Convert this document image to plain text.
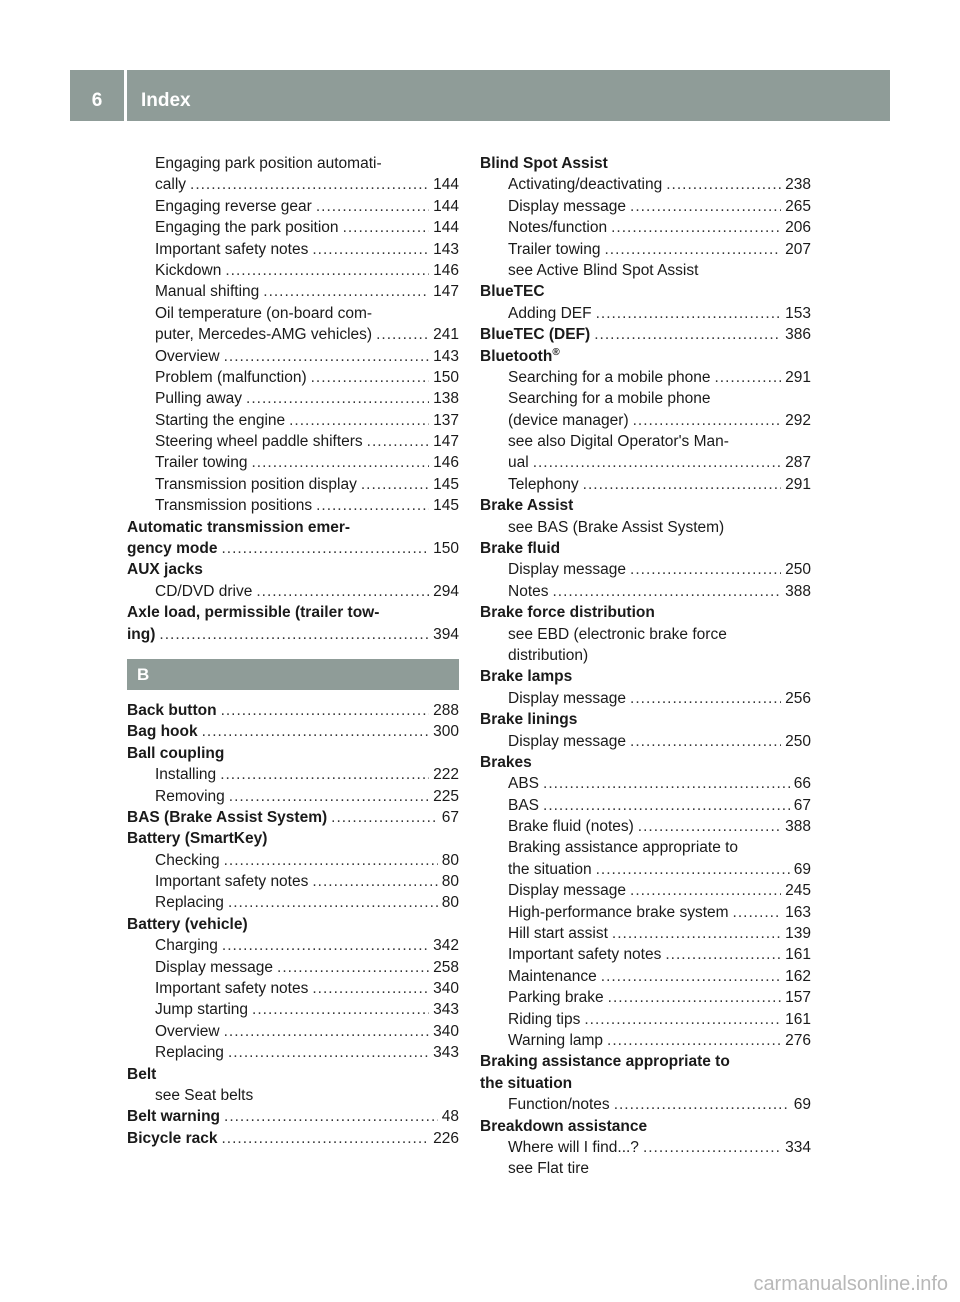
6	Index
Engaging park position automati-
cally .....	144
Engaging reverse gear .....	144
Engaging the park position .....	144
Important safety notes .....	143
Kickdown .....	146
Manual shifting .....	147
Oil temperature (on-board com-
puter, Mercedes-AMG vehicles) .....	241
Overview .....	143
Problem (malfunction) .....	150
Pulling away .....	138
Starting the engine .....	137
Steering wheel paddle shifters .....	147
Trailer towing .....	146
Transmission position display .....	145
Transmission positions .....	145
Automatic transmission emer-
gency mode .....	150
AUX jacks
CD/DVD drive .....	294
Axle load, permissible (trailer tow-
ing) .....	394
B
Back button .....	288
Bag hook .....	300
Ball coupling
Installing .....	222
Removing .....	225
BAS (Brake Assist System) .....	67
Battery (SmartKey)
Checking .....	80
Important safety notes .....	80
Replacing .....	80
Battery (vehicle)
Charging .....	342
Display message .....	258
Important safety notes .....	340
Jump starting .....	343
Overview .....	340
Replacing .....	343
Belt
see Seat belts
Belt warning .....	48
Bicycle rack .....	226
Blind Spot Assist
Activating/deactivating .....	238
Display message .....	265
Notes/function .....	206
Trailer towing .....	207
see Active Blind Spot Assist
BlueTEC
Adding DEF .....	153
BlueTEC (DEF) .....	386
Bluetooth®
Searching for a mobile phone .....	291
Searching for a mobile phone
(device manager) .....	292
see also Digital Operator's Man-
ual .....	287
Telephony .....	291
Brake Assist
see BAS (Brake Assist System)
Brake fluid
Display message .....	250
Notes .....	388
Brake force distribution
see EBD (electronic brake force
distribution)
Brake lamps
Display message .....	256
Brake linings
Display message .....	250
Brakes
ABS .....	66
BAS .....	67
Brake fluid (notes) .....	388
Braking assistance appropriate to
the situation .....	69
Display message .....	245
High-performance brake system .....	163
Hill start assist .....	139
Important safety notes .....	161
Maintenance .....	162
Parking brake .....	157
Riding tips .....	161
Warning lamp .....	276
Braking assistance appropriate to
the situation
Function/notes .....	69
Breakdown assistance
Where will I find...? .....	334
see Flat tire
carmanualsonline.info
